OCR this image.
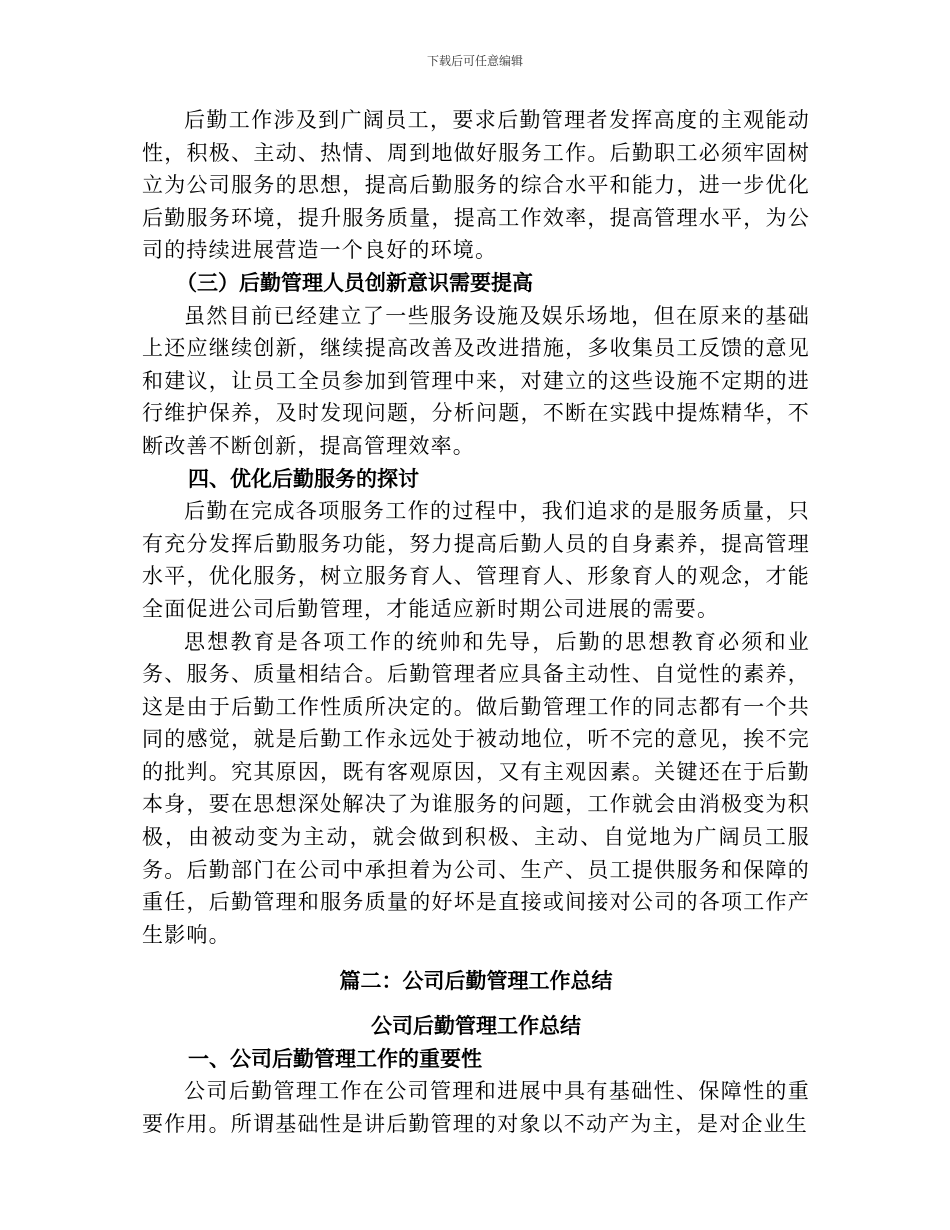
下载后可任意编辑

后勤工作涉及到广阔员工，要求后勤管理者发挥高度的主观能动性，积极、主动、热情、周到地做好服务工作。后勤职工必须牢固树立为公司服务的思想，提高后勤服务的综合水平和能力，进一步优化后勤服务环境，提升服务质量，提高工作效率，提高管理水平，为公司的持续进展营造一个良好的环境。

（三）后勤管理人员创新意识需要提高

虽然目前已经建立了一些服务设施及娱乐场地，但在原来的基础上还应继续创新，继续提高改善及改进措施，多收集员工反馈的意见和建议，让员工全员参加到管理中来，对建立的这些设施不定期的进行维护保养，及时发现问题，分析问题，不断在实践中提炼精华，不断改善不断创新，提高管理效率。

四、优化后勤服务的探讨

后勤在完成各项服务工作的过程中，我们追求的是服务质量，只有充分发挥后勤服务功能，努力提高后勤人员的自身素养，提高管理水平，优化服务，树立服务育人、管理育人、形象育人的观念，才能全面促进公司后勤管理，才能适应新时期公司进展的需要。

思想教育是各项工作的统帅和先导，后勤的思想教育必须和业务、服务、质量相结合。后勤管理者应具备主动性、自觉性的素养，这是由于后勤工作性质所决定的。做后勤管理工作的同志都有一个共同的感觉，就是后勤工作永远处于被动地位，听不完的意见，挨不完的批判。究其原因，既有客观原因，又有主观因素。关键还在于后勤本身，要在思想深处解决了为谁服务的问题，工作就会由消极变为积极，由被动变为主动，就会做到积极、主动、自觉地为广阔员工服务。后勤部门在公司中承担着为公司、生产、员工提供服务和保障的重任，后勤管理和服务质量的好坏是直接或间接对公司的各项工作产生影响。

篇二：公司后勤管理工作总结
公司后勤管理工作总结
一、公司后勤管理工作的重要性

公司后勤管理工作在公司管理和进展中具有基础性、保障性的重要作用。所谓基础性是讲后勤管理的对象以不动产为主，是对企业生
